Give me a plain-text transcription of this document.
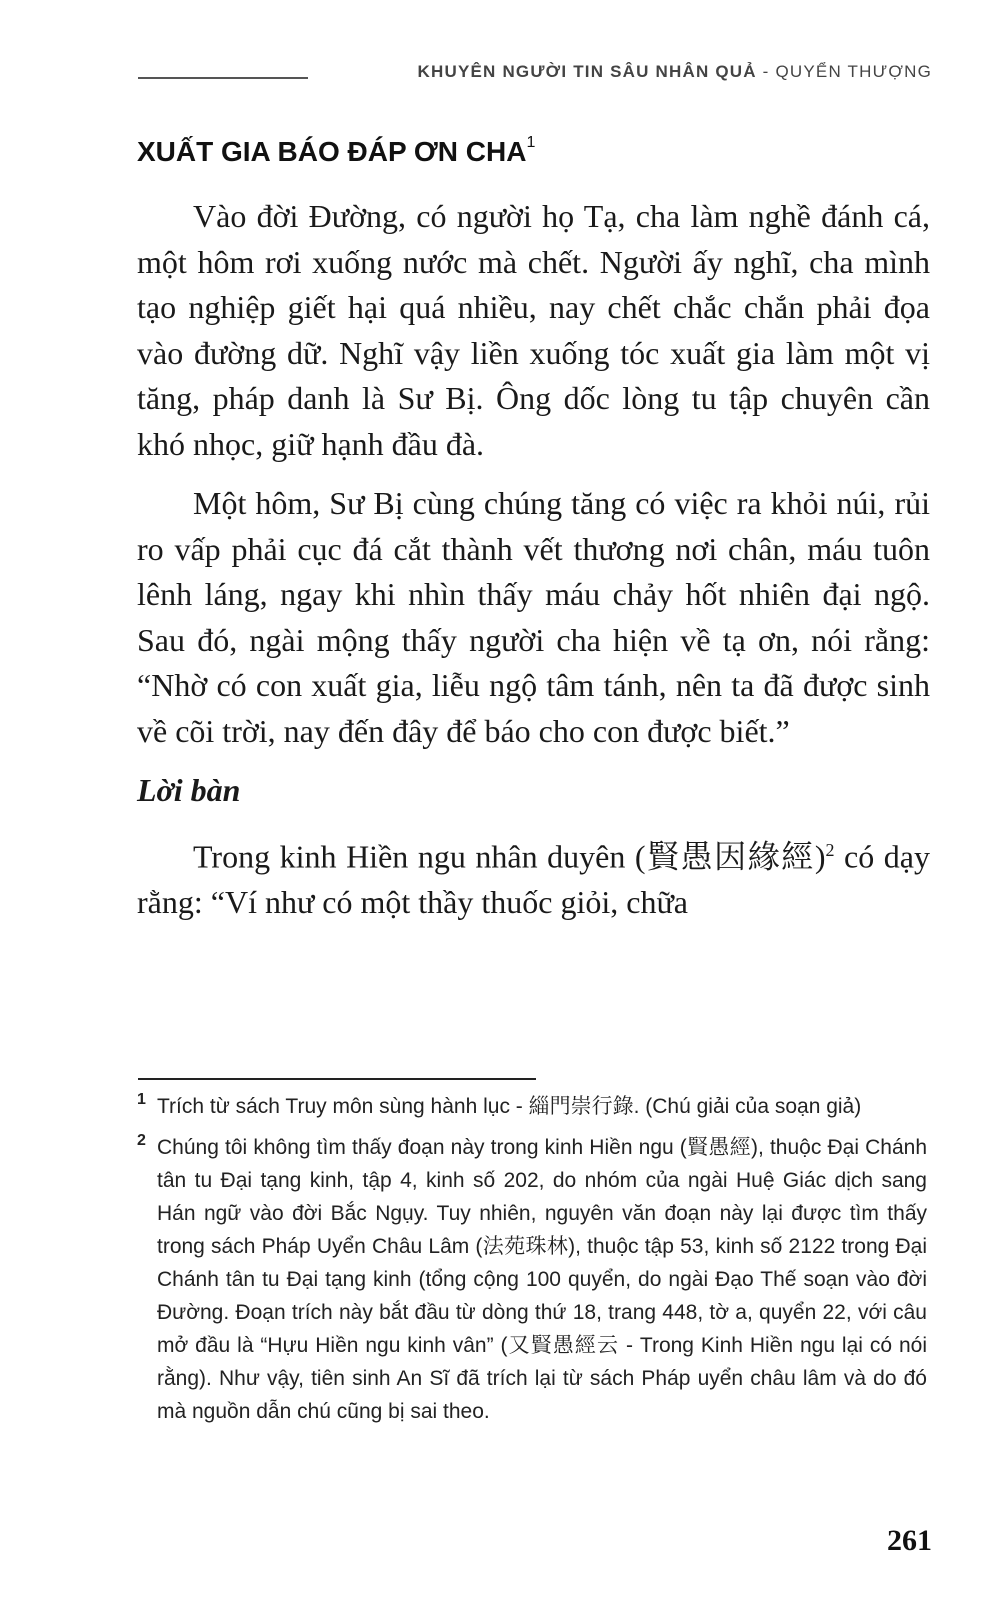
KHUYÊN NGƯỜI TIN SÂU NHÂN QUẢ - QUYỂN THƯỢNG
XUẤT GIA BÁO ĐÁP ƠN CHA$^1$

Vào đời Đường, có người họ Tạ, cha làm nghề đánh cá, một hôm rơi xuống nước mà chết. Người ấy nghĩ, cha mình tạo nghiệp giết hại quá nhiều, nay chết chắc chắn phải đọa vào đường dữ. Nghĩ vậy liền xuống tóc xuất gia làm một vị tăng, pháp danh là Sư Bị. Ông dốc lòng tu tập chuyên cần khó nhọc, giữ hạnh đầu đà.

Một hôm, Sư Bị cùng chúng tăng có việc ra khỏi núi, rủi ro vấp phải cục đá cắt thành vết thương nơi chân, máu tuôn lênh láng, ngay khi nhìn thấy máu chảy hốt nhiên đại ngộ. Sau đó, ngài mộng thấy người cha hiện về tạ ơn, nói rằng: “Nhờ có con xuất gia, liễu ngộ tâm tánh, nên ta đã được sinh về cõi trời, nay đến đây để báo cho con được biết.”

Lời bàn

Trong kinh Hiền ngu nhân duyên (賢愚因緣經)$^2$ có dạy rằng: “Ví như có một thầy thuốc giỏi, chữa

1 Trích từ sách Truy môn sùng hành lục - 緇門崇行錄. (Chú giải của soạn giả)

2 Chúng tôi không tìm thấy đoạn này trong kinh Hiền ngu (賢愚經), thuộc Đại Chánh tân tu Đại tạng kinh, tập 4, kinh số 202, do nhóm của ngài Huệ Giác dịch sang Hán ngữ vào đời Bắc Ngụy. Tuy nhiên, nguyên văn đoạn này lại được tìm thấy trong sách Pháp Uyển Châu Lâm (法苑珠林), thuộc tập 53, kinh số 2122 trong Đại Chánh tân tu Đại tạng kinh (tổng cộng 100 quyển, do ngài Đạo Thế soạn vào đời Đường. Đoạn trích này bắt đầu từ dòng thứ 18, trang 448, tờ a, quyển 22, với câu mở đầu là “Hựu Hiền ngu kinh vân” (又賢愚經云 - Trong Kinh Hiền ngu lại có nói rằng). Như vậy, tiên sinh An Sĩ đã trích lại từ sách Pháp uyển châu lâm và do đó mà nguồn dẫn chú cũng bị sai theo.

261
